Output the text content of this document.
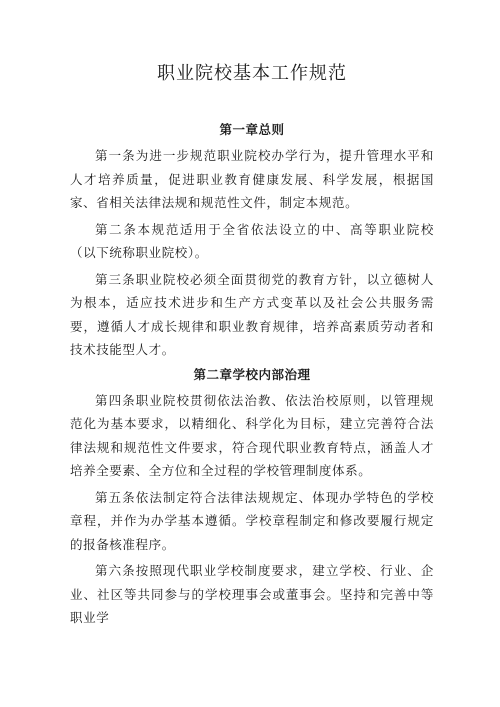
职业院校基本工作规范
第一章总则

第一条为进一步规范职业院校办学行为，提升管理水平和人才培养质量，促进职业教育健康发展、科学发展，根据国家、省相关法律法规和规范性文件，制定本规范。

第二条本规范适用于全省依法设立的中、高等职业院校（以下统称职业院校）。

第三条职业院校必须全面贯彻党的教育方针，以立德树人为根本，适应技术进步和生产方式变革以及社会公共服务需要，遵循人才成长规律和职业教育规律，培养高素质劳动者和技术技能型人才。

第二章学校内部治理

第四条职业院校贯彻依法治教、依法治校原则，以管理规范化为基本要求，以精细化、科学化为目标，建立完善符合法律法规和规范性文件要求，符合现代职业教育特点，涵盖人才培养全要素、全方位和全过程的学校管理制度体系。

第五条依法制定符合法律法规规定、体现办学特色的学校章程，并作为办学基本遵循。学校章程制定和修改要履行规定的报备核准程序。

第六条按照现代职业学校制度要求，建立学校、行业、企业、社区等共同参与的学校理事会或董事会。坚持和完善中等职业学
